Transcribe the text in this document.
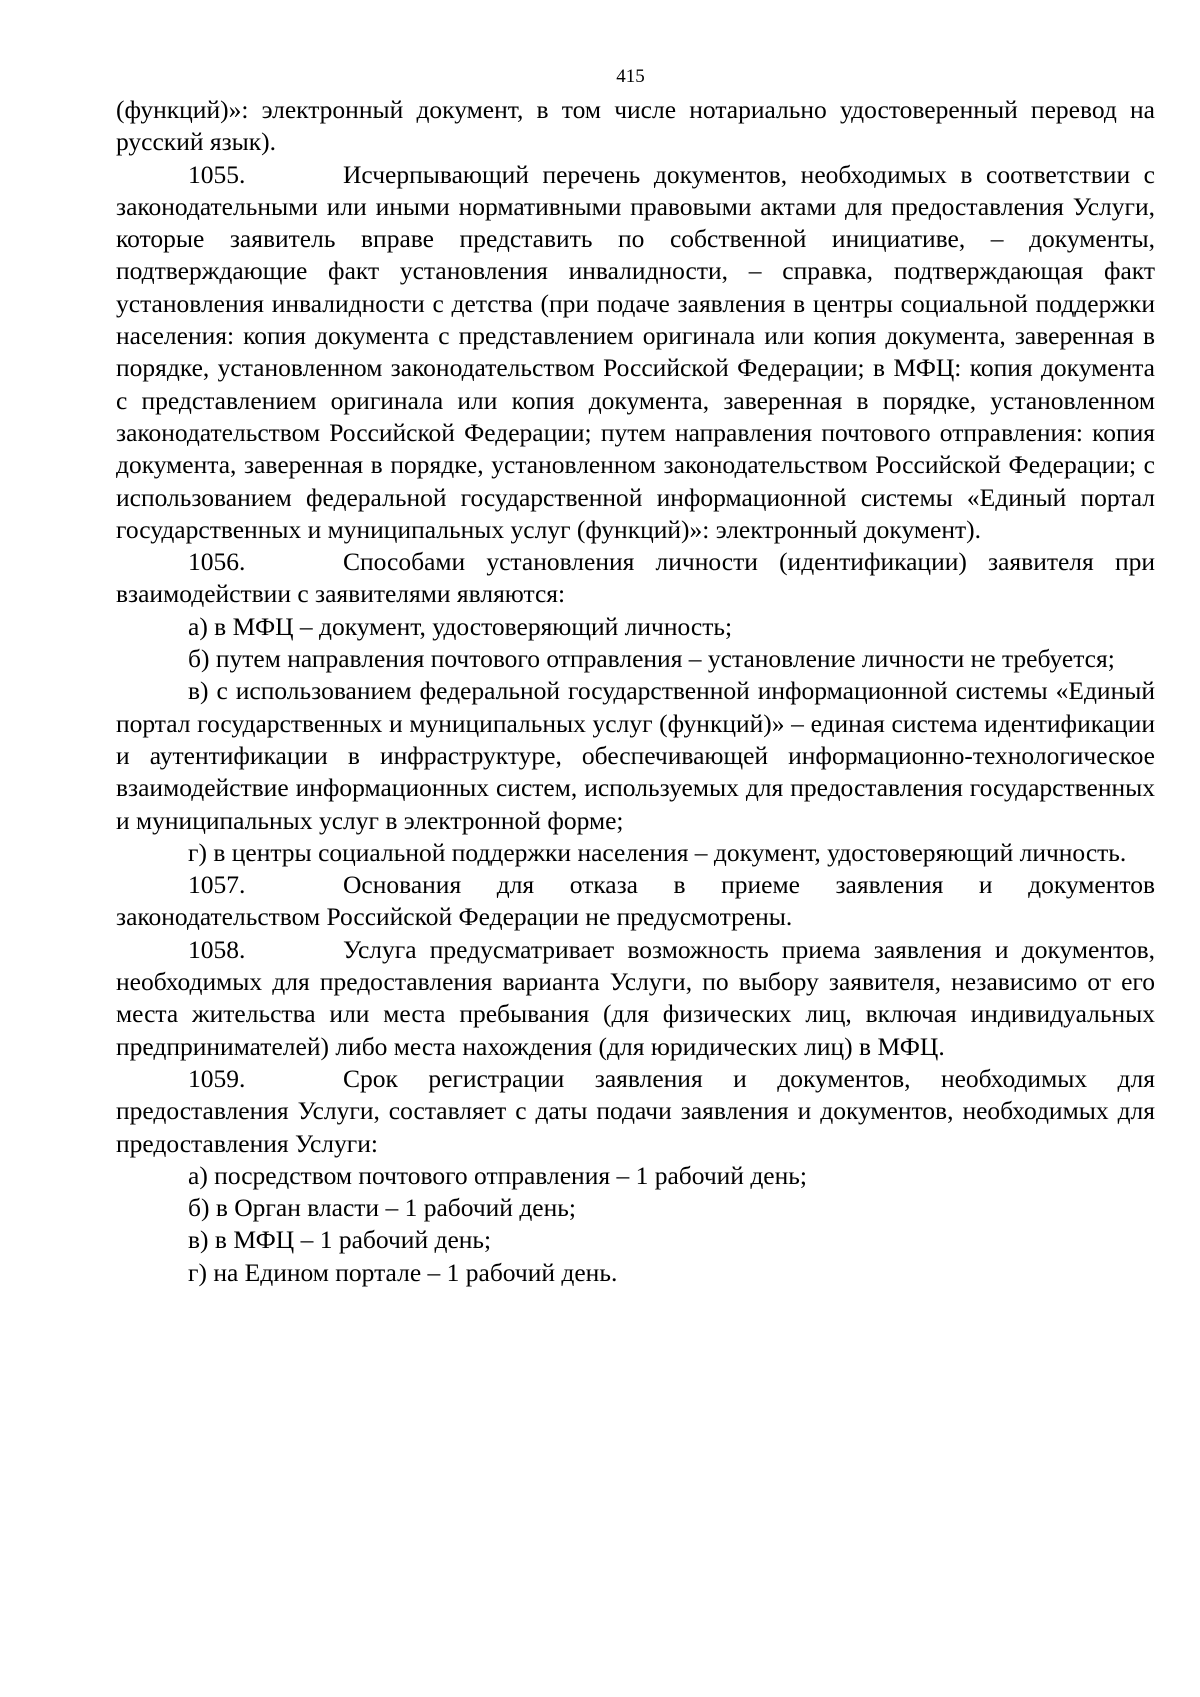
415

(функций)»: электронный документ, в том числе нотариально удостоверенный перевод на русский язык).

1055.	Исчерпывающий перечень документов, необходимых в соответствии с законодательными или иными нормативными правовыми актами для предоставления Услуги, которые заявитель вправе представить по собственной инициативе, – документы, подтверждающие факт установления инвалидности, – справка, подтверждающая факт установления инвалидности с детства (при подаче заявления в центры социальной поддержки населения: копия документа с представлением оригинала или копия документа, заверенная в порядке, установленном законодательством Российской Федерации; в МФЦ: копия документа с представлением оригинала или копия документа, заверенная в порядке, установленном законодательством Российской Федерации; путем направления почтового отправления: копия документа, заверенная в порядке, установленном законодательством Российской Федерации; с использованием федеральной государственной информационной системы «Единый портал государственных и муниципальных услуг (функций)»: электронный документ).

1056.	Способами установления личности (идентификации) заявителя при взаимодействии с заявителями являются:

а) в МФЦ – документ, удостоверяющий личность;

б) путем направления почтового отправления – установление личности не требуется;

в) с использованием федеральной государственной информационной системы «Единый портал государственных и муниципальных услуг (функций)» – единая система идентификации и аутентификации в инфраструктуре, обеспечивающей информационно-технологическое взаимодействие информационных систем, используемых для предоставления государственных и муниципальных услуг в электронной форме;

г) в центры социальной поддержки населения – документ, удостоверяющий личность.

1057.	Основания для отказа в приеме заявления и документов законодательством Российской Федерации не предусмотрены.

1058.	Услуга предусматривает возможность приема заявления и документов, необходимых для предоставления варианта Услуги, по выбору заявителя, независимо от его места жительства или места пребывания (для физических лиц, включая индивидуальных предпринимателей) либо места нахождения (для юридических лиц) в МФЦ.

1059.	Срок регистрации заявления и документов, необходимых для предоставления Услуги, составляет с даты подачи заявления и документов, необходимых для предоставления Услуги:

а) посредством почтового отправления – 1 рабочий день;

б) в Орган власти – 1 рабочий день;

в) в МФЦ – 1 рабочий день;

г) на Едином портале – 1 рабочий день.
